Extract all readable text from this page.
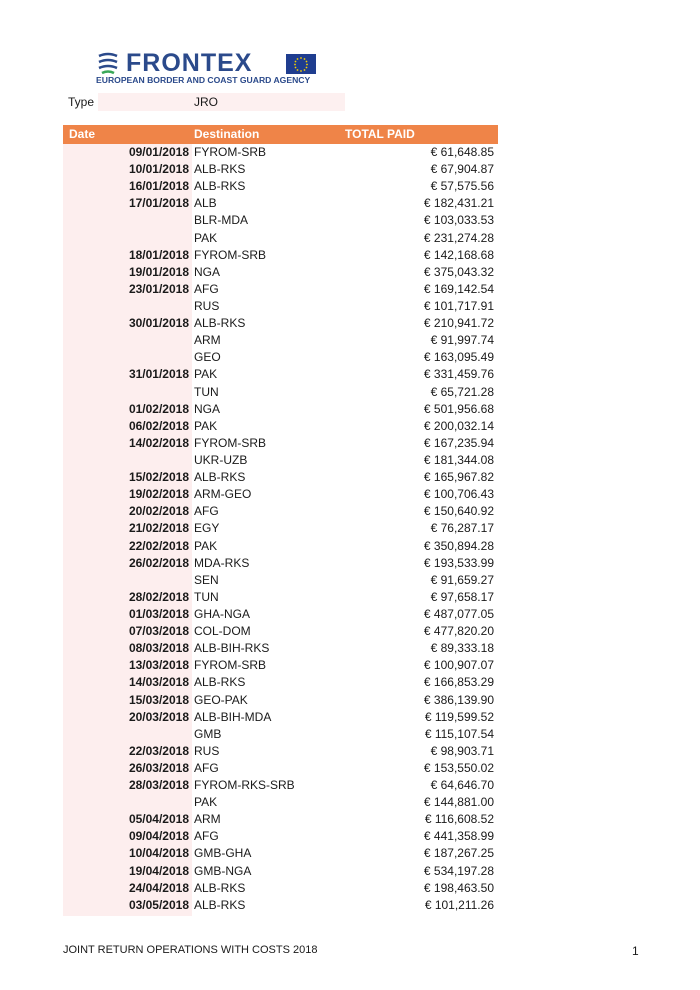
FRONTEX
EUROPEAN BORDER AND COAST GUARD AGENCY
Type	JRO
Date	Destination	TOTAL PAID
09/01/2018 FYROM-SRB	€ 61,648.85
10/01/2018 ALB-RKS	€ 67,904.87
16/01/2018 ALB-RKS	€ 57,575.56
17/01/2018 ALB	€ 182,431.21
BLR-MDA	€ 103,033.53
PAK	€ 231,274.28
18/01/2018 FYROM-SRB	€ 142,168.68
19/01/2018 NGA	€ 375,043.32
23/01/2018 AFG	€ 169,142.54
RUS	€ 101,717.91
30/01/2018 ALB-RKS	€ 210,941.72
ARM	€ 91,997.74
GEO	€ 163,095.49
31/01/2018 PAK	€ 331,459.76
TUN	€ 65,721.28
01/02/2018 NGA	€ 501,956.68
06/02/2018 PAK	€ 200,032.14
14/02/2018 FYROM-SRB	€ 167,235.94
UKR-UZB	€ 181,344.08
15/02/2018 ALB-RKS	€ 165,967.82
19/02/2018 ARM-GEO	€ 100,706.43
20/02/2018 AFG	€ 150,640.92
21/02/2018 EGY	€ 76,287.17
22/02/2018 PAK	€ 350,894.28
26/02/2018 MDA-RKS	€ 193,533.99
SEN	€ 91,659.27
28/02/2018 TUN	€ 97,658.17
01/03/2018 GHA-NGA	€ 487,077.05
07/03/2018 COL-DOM	€ 477,820.20
08/03/2018 ALB-BIH-RKS	€ 89,333.18
13/03/2018 FYROM-SRB	€ 100,907.07
14/03/2018 ALB-RKS	€ 166,853.29
15/03/2018 GEO-PAK	€ 386,139.90
20/03/2018 ALB-BIH-MDA	€ 119,599.52
GMB	€ 115,107.54
22/03/2018 RUS	€ 98,903.71
26/03/2018 AFG	€ 153,550.02
28/03/2018 FYROM-RKS-SRB	€ 64,646.70
PAK	€ 144,881.00
05/04/2018 ARM	€ 116,608.52
09/04/2018 AFG	€ 441,358.99
10/04/2018 GMB-GHA	€ 187,267.25
19/04/2018 GMB-NGA	€ 534,197.28
24/04/2018 ALB-RKS	€ 198,463.50
03/05/2018 ALB-RKS	€ 101,211.26
JOINT RETURN OPERATIONS WITH COSTS 2018	1
